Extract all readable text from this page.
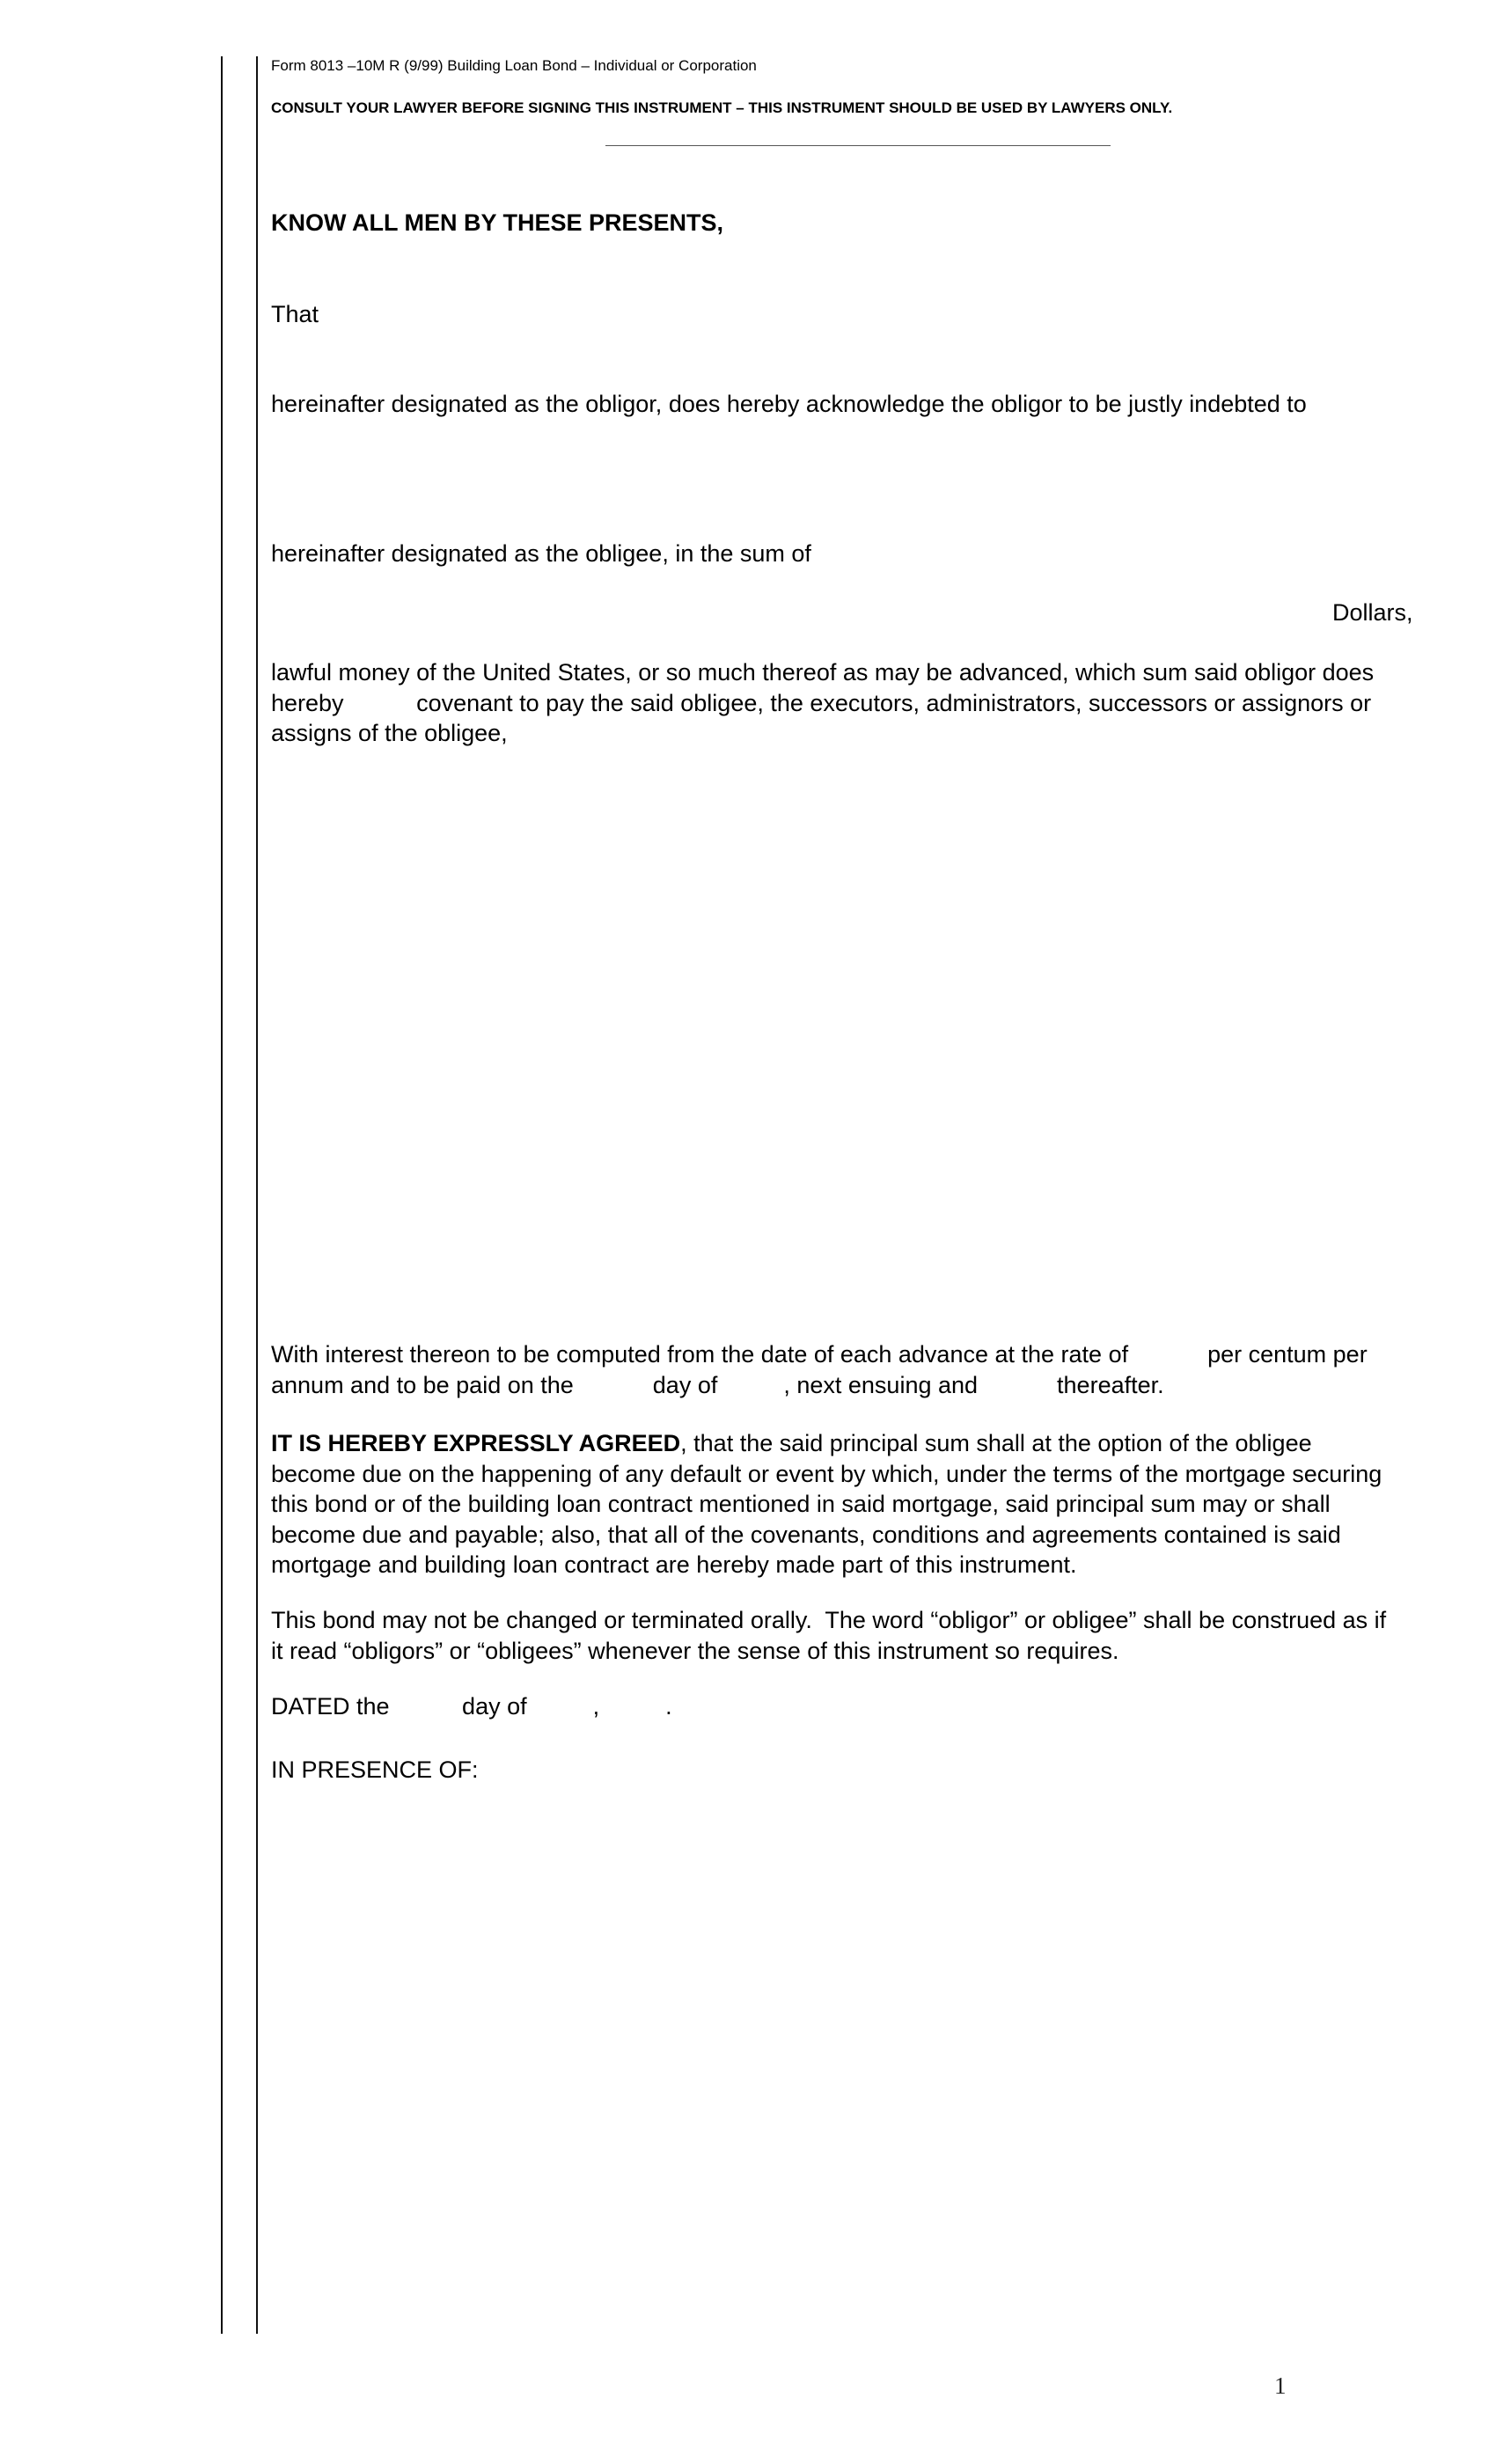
Form 8013 –10M R (9/99) Building Loan Bond – Individual or Corporation
CONSULT YOUR LAWYER BEFORE SIGNING THIS INSTRUMENT – THIS INSTRUMENT SHOULD BE USED BY LAWYERS ONLY.
KNOW ALL MEN BY THESE PRESENTS,
That
hereinafter designated as the obligor, does hereby acknowledge the obligor to be justly indebted to
hereinafter designated as the obligee, in the sum of
Dollars,
lawful money of the United States, or so much thereof as may be advanced, which sum said obligor does
hereby           covenant to pay the said obligee, the executors, administrators, successors or assignors or
assigns of the obligee,
With interest thereon to be computed from the date of each advance at the rate of            per centum per
annum and to be paid on the            day of          , next ensuing and            thereafter.
IT IS HEREBY EXPRESSLY AGREED, that the said principal sum shall at the option of the obligee
become due on the happening of any default or event by which, under the terms of the mortgage securing
this bond or of the building loan contract mentioned in said mortgage, said principal sum may or shall
become due and payable; also, that all of the covenants, conditions and agreements contained is said
mortgage and building loan contract are hereby made part of this instrument.
This bond may not be changed or terminated orally.  The word “obligor” or obligee” shall be construed as if
it read “obligors” or “obligees” whenever the sense of this instrument so requires.
DATED the           day of          ,          .
IN PRESENCE OF:
1
